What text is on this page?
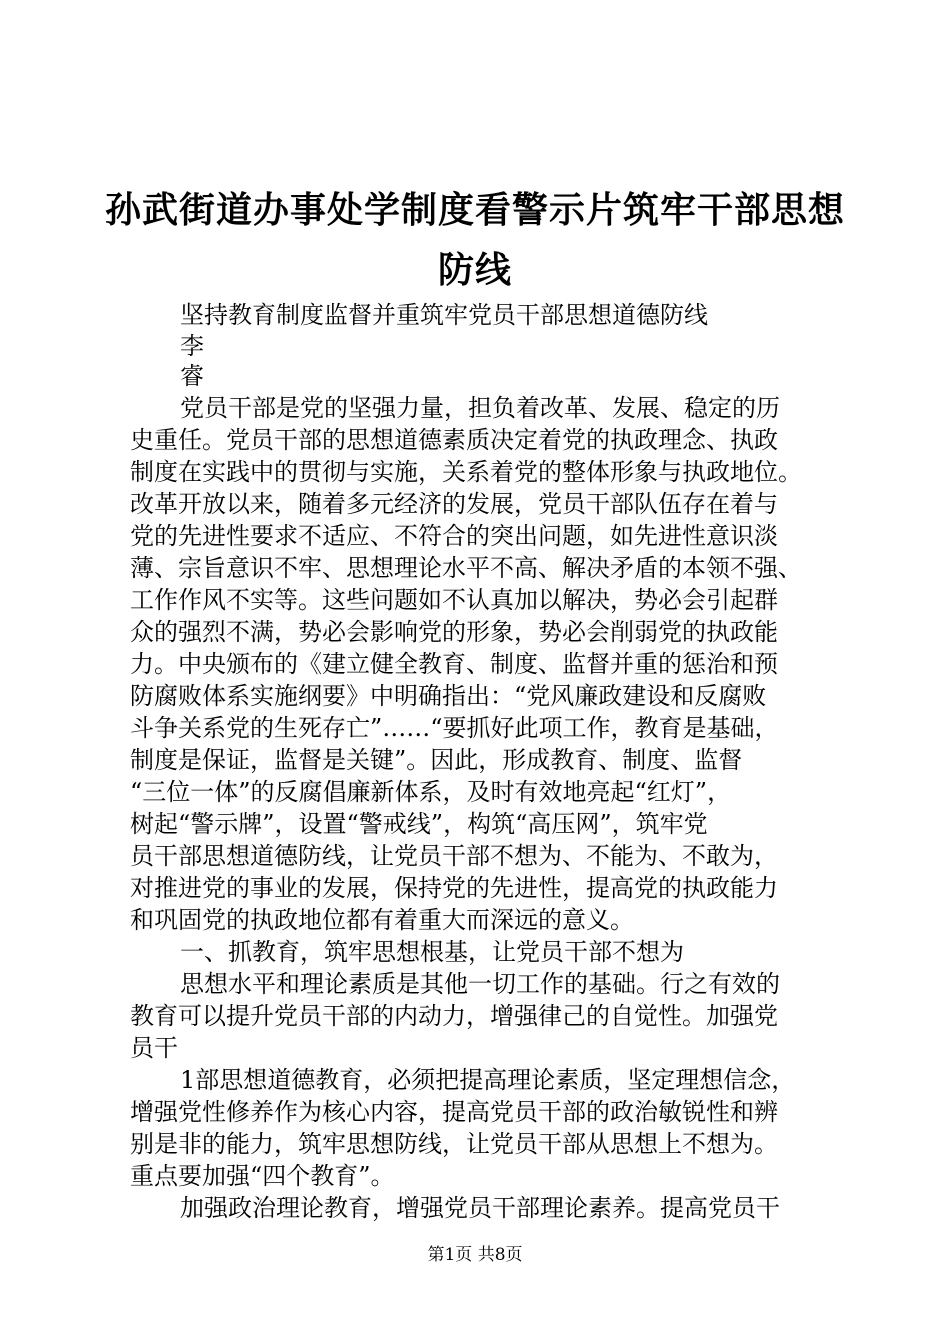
孙武街道办事处学制度看警示片筑牢干部思想
防线

坚持教育制度监督并重筑牢党员干部思想道德防线

李

睿

党员干部是党的坚强力量，担负着改革、发展、稳定的历

史重任。党员干部的思想道德素质决定着党的执政理念、执政

制度在实践中的贯彻与实施，关系着党的整体形象与执政地位。

改革开放以来，随着多元经济的发展，党员干部队伍存在着与

党的先进性要求不适应、不符合的突出问题，如先进性意识淡

薄、宗旨意识不牢、思想理论水平不高、解决矛盾的本领不强、

工作作风不实等。这些问题如不认真加以解决，势必会引起群

众的强烈不满，势必会影响党的形象，势必会削弱党的执政能

力。中央颁布的《建立健全教育、制度、监督并重的惩治和预

防腐败体系实施纲要》中明确指出：“党风廉政建设和反腐败

斗争关系党的生死存亡”……“要抓好此项工作，教育是基础，

制度是保证，监督是关键”。因此，形成教育、制度、监督

“三位一体”的反腐倡廉新体系，及时有效地亮起“红灯”，

树起“警示牌”，设置“警戒线”，构筑“高压网”，筑牢党

员干部思想道德防线，让党员干部不想为、不能为、不敢为，

对推进党的事业的发展，保持党的先进性，提高党的执政能力

和巩固党的执政地位都有着重大而深远的意义。

一、抓教育，筑牢思想根基，让党员干部不想为

思想水平和理论素质是其他一切工作的基础。行之有效的

教育可以提升党员干部的内动力，增强律己的自觉性。加强党

员干

1部思想道德教育，必须把提高理论素质，坚定理想信念，

增强党性修养作为核心内容，提高党员干部的政治敏锐性和辨

别是非的能力，筑牢思想防线，让党员干部从思想上不想为。

重点要加强“四个教育”。

加强政治理论教育，增强党员干部理论素养。提高党员干

第1页 共8页
